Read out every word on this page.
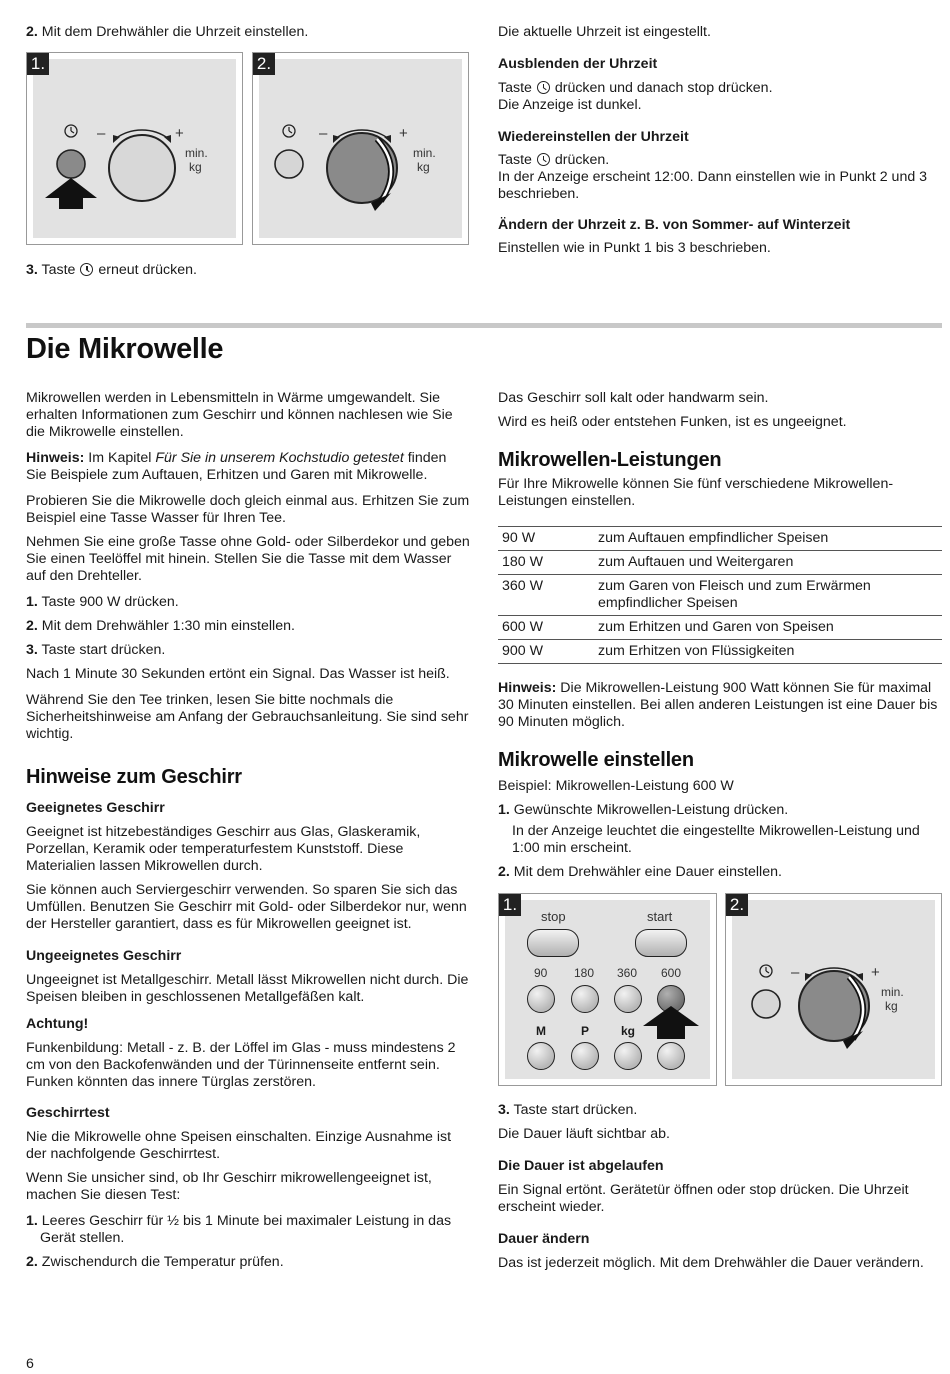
2. Mit dem Drehwähler die Uhrzeit einstellen.

1.
–	+
min.
kg
2.
–	+
min.
kg

3. Taste erneut drücken.

Die aktuelle Uhrzeit ist eingestellt.

Ausblenden der Uhrzeit

Taste drücken und danach stop drücken.

Die Anzeige ist dunkel.

Wiedereinstellen der Uhrzeit

Taste drücken.

In der Anzeige erscheint 12:00. Dann einstellen wie in Punkt 2 und 3 beschrieben.

Ändern der Uhrzeit z. B. von Sommer- auf Winterzeit

Einstellen wie in Punkt 1 bis 3 beschrieben.

Die Mikrowelle

Mikrowellen werden in Lebensmitteln in Wärme umgewandelt. Sie erhalten Informationen zum Geschirr und können nachlesen wie Sie die Mikrowelle einstellen.

Hinweis: Im Kapitel Für Sie in unserem Kochstudio getestet finden Sie Beispiele zum Auftauen, Erhitzen und Garen mit Mikrowelle.

Probieren Sie die Mikrowelle doch gleich einmal aus. Erhitzen Sie zum Beispiel eine Tasse Wasser für Ihren Tee.

Nehmen Sie eine große Tasse ohne Gold- oder Silberdekor und geben Sie einen Teelöffel mit hinein. Stellen Sie die Tasse mit dem Wasser auf den Drehteller.

1. Taste 900 W drücken.

2. Mit dem Drehwähler 1:30 min einstellen.

3. Taste start drücken.

Nach 1 Minute 30 Sekunden ertönt ein Signal. Das Wasser ist heiß.

Während Sie den Tee trinken, lesen Sie bitte nochmals die Sicherheitshinweise am Anfang der Gebrauchsanleitung. Sie sind sehr wichtig.

Hinweise zum Geschirr

Geeignetes Geschirr

Geeignet ist hitzebeständiges Geschirr aus Glas, Glaskeramik, Porzellan, Keramik oder temperaturfestem Kunststoff. Diese Materialien lassen Mikrowellen durch.

Sie können auch Serviergeschirr verwenden. So sparen Sie sich das Umfüllen. Benutzen Sie Geschirr mit Gold- oder Silberdekor nur, wenn der Hersteller garantiert, dass es für Mikrowellen geeignet ist.

Ungeeignetes Geschirr

Ungeeignet ist Metallgeschirr. Metall lässt Mikrowellen nicht durch. Die Speisen bleiben in geschlossenen Metallgefäßen kalt.

Achtung!

Funkenbildung: Metall - z. B. der Löffel im Glas - muss mindestens 2 cm von den Backofenwänden und der Türinnenseite entfernt sein. Funken könnten das innere Türglas zerstören.

Geschirrtest

Nie die Mikrowelle ohne Speisen einschalten. Einzige Ausnahme ist der nachfolgende Geschirrtest.

Wenn Sie unsicher sind, ob Ihr Geschirr mikrowellengeeignet ist, machen Sie diesen Test:

1. Leeres Geschirr für ½ bis 1 Minute bei maximaler Leistung in das Gerät stellen.

2. Zwischendurch die Temperatur prüfen.

6

Das Geschirr soll kalt oder handwarm sein.

Wird es heiß oder entstehen Funken, ist es ungeeignet.

Mikrowellen-Leistungen

Für Ihre Mikrowelle können Sie fünf verschiedene Mikrowellen-Leistungen einstellen.

90 W	zum Auftauen empfindlicher Speisen
180 W	zum Auftauen und Weitergaren
360 W	zum Garen von Fleisch und zum Erwärmen empfindlicher Speisen
600 W	zum Erhitzen und Garen von Speisen
900 W	zum Erhitzen von Flüssigkeiten

Hinweis: Die Mikrowellen-Leistung 900 Watt können Sie für maximal 30 Minuten einstellen. Bei allen anderen Leistungen ist eine Dauer bis 90 Minuten möglich.

Mikrowelle einstellen

Beispiel: Mikrowellen-Leistung 600 W

1. Gewünschte Mikrowellen-Leistung drücken.

In der Anzeige leuchtet die eingestellte Mikrowellen-Leistung und 1:00 min erscheint.

2. Mit dem Drehwähler eine Dauer einstellen.

1.
stop	start
90 180 360 600
M	P	kg
2.
–	+
min.
kg

3. Taste start drücken.

Die Dauer läuft sichtbar ab.

Die Dauer ist abgelaufen

Ein Signal ertönt. Gerätetür öffnen oder stop drücken. Die Uhrzeit erscheint wieder.

Dauer ändern

Das ist jederzeit möglich. Mit dem Drehwähler die Dauer verändern.
